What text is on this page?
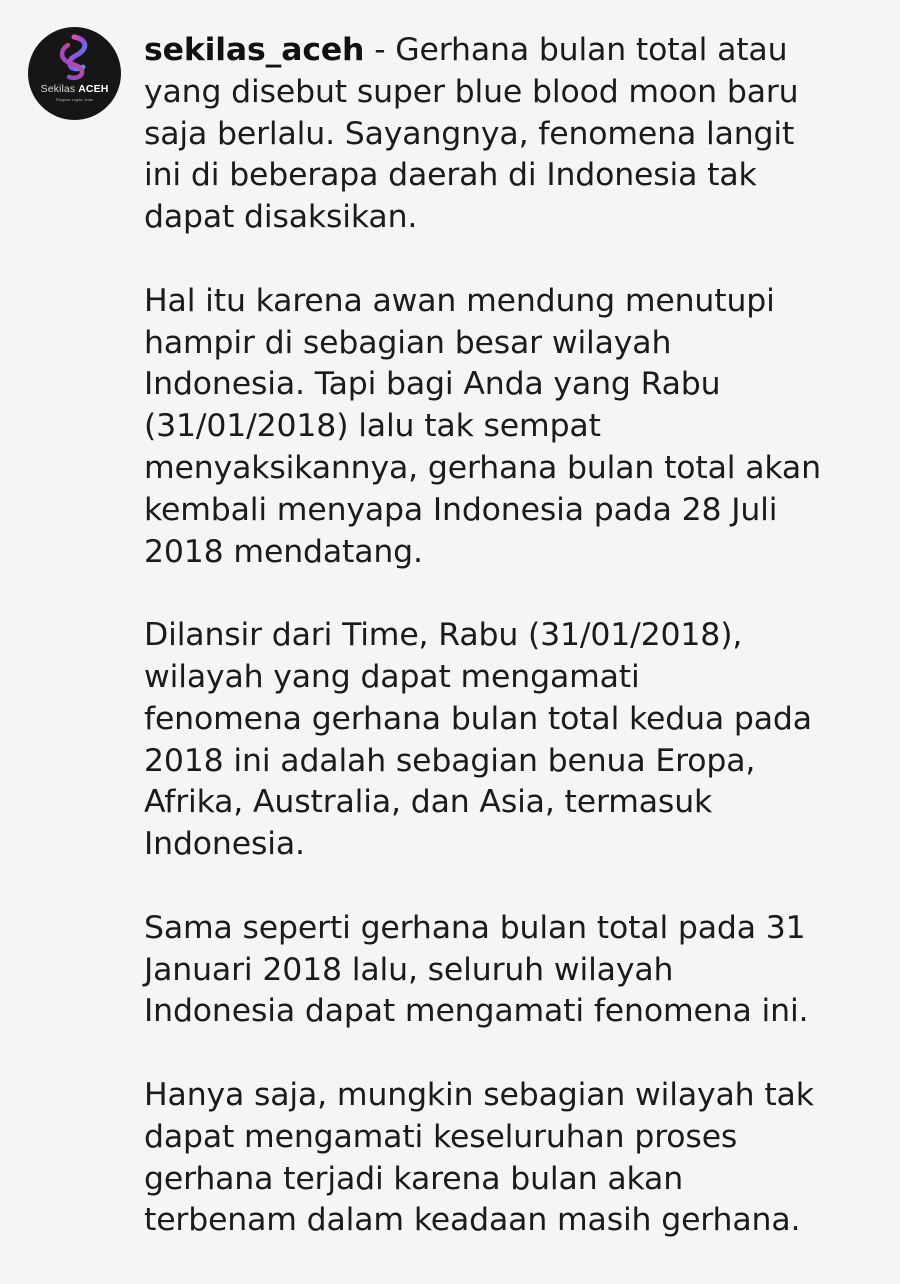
Sekilas ACEH
Ringkas Lugas Jelas

sekilas_aceh - Gerhana bulan total atau
yang disebut super blue blood moon baru
saja berlalu. Sayangnya, fenomena langit
ini di beberapa daerah di Indonesia tak
dapat disaksikan.

Hal itu karena awan mendung menutupi
hampir di sebagian besar wilayah
Indonesia. Tapi bagi Anda yang Rabu
(31/01/2018) lalu tak sempat
menyaksikannya, gerhana bulan total akan
kembali menyapa Indonesia pada 28 Juli
2018 mendatang.

Dilansir dari Time, Rabu (31/01/2018),
wilayah yang dapat mengamati
fenomena gerhana bulan total kedua pada
2018 ini adalah sebagian benua Eropa,
Afrika, Australia, dan Asia, termasuk
Indonesia.

Sama seperti gerhana bulan total pada 31
Januari 2018 lalu, seluruh wilayah
Indonesia dapat mengamati fenomena ini.

Hanya saja, mungkin sebagian wilayah tak
dapat mengamati keseluruhan proses
gerhana terjadi karena bulan akan
terbenam dalam keadaan masih gerhana.
